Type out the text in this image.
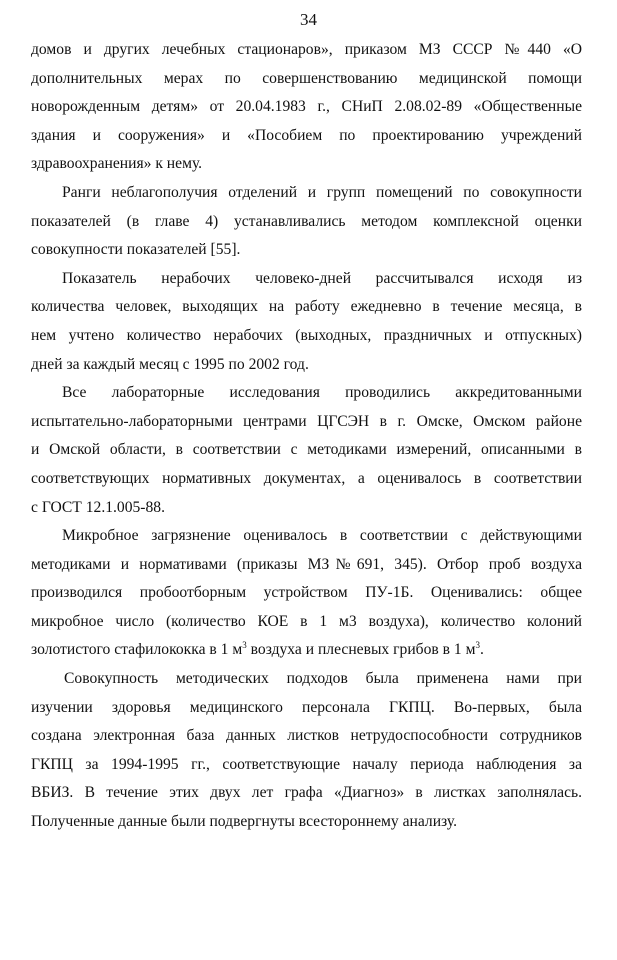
34
домов и других лечебных стационаров», приказом МЗ СССР №440 «О
дополнительных мерах по совершенствованию медицинской помощи
новорожденным детям» от 20.04.1983 г., СНиП 2.08.02-89 «Общественные
здания и сооружения» и «Пособием по проектированию учреждений
здравоохранения» к нему.
Ранги неблагополучия отделений и групп помещений по совокупности
показателей (в главе 4) устанавливались методом комплексной оценки
совокупности показателей [55].
Показатель нерабочих человеко-дней рассчитывался исходя из
количества человек, выходящих на работу ежедневно в течение месяца, в
нем учтено количество нерабочих (выходных, праздничных и отпускных)
дней за каждый месяц с 1995 по 2002 год.
Все лабораторные исследования проводились аккредитованными
испытательно-лабораторными центрами ЦГСЭН в г. Омске, Омском районе
и Омской области, в соответствии с методиками измерений, описанными в
соответствующих нормативных документах, а оценивалось в соответствии
с ГОСТ 12.1.005-88.
Микробное загрязнение оценивалось в соответствии с действующими
методиками и нормативами (приказы МЗ№691, 345). Отбор проб воздуха
производился пробоотборным устройством ПУ-1Б. Оценивались: общее
микробное число (количество КОЕ в 1 м3 воздуха), количество колоний
золотистого стафилококка в 1 $м^3$ воздуха и плесневых грибов в 1 $м^3$.
Совокупность методических подходов была применена нами при
изучении здоровья медицинского персонала ГКПЦ. Во-первых, была
создана электронная база данных листков нетрудоспособности сотрудников
ГКПЦ за 1994-1995 гг., соответствующие началу периода наблюдения за
ВБИЗ. В течение этих двух лет графа «Диагноз» в листках заполнялась.
Полученные данные были подвергнуты всестороннему анализу.
